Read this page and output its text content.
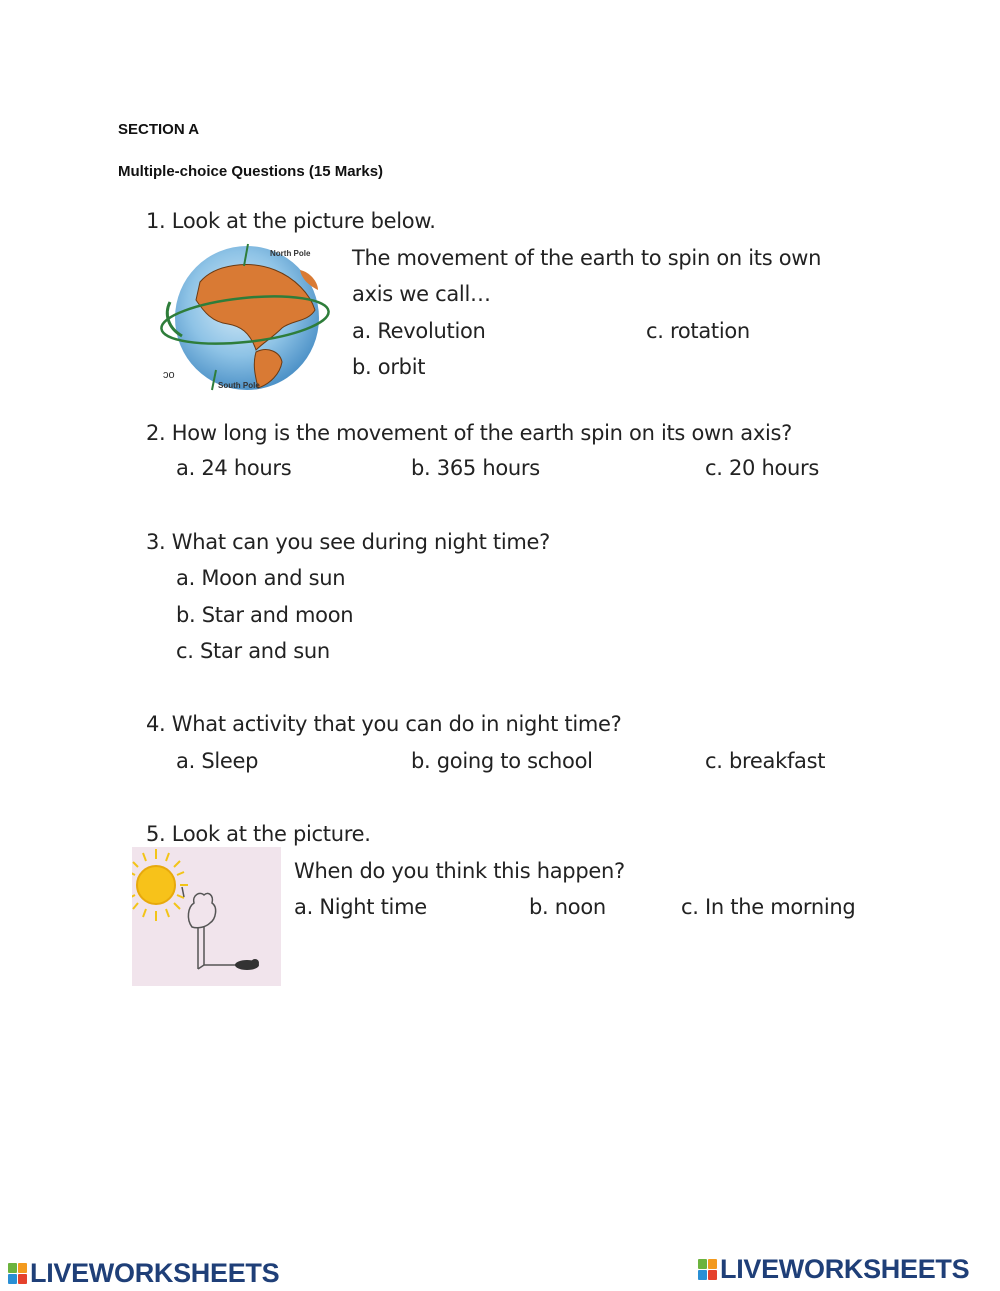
SECTION A
Multiple-choice Questions (15 Marks)
1. Look at the picture below.
North Pole
South Pole
ɔo
The movement of the earth to spin on its own
axis we call…
a. Revolution	c. rotation
b. orbit
2. How long is the movement of the earth spin on its own axis?
a. 24 hours	b. 365 hours	c. 20 hours
3. What can you see during night time?
a. Moon and sun
b. Star and moon
c. Star and sun
4. What activity that you can do in night time?
a. Sleep	b. going to school	c. breakfast
5. Look at the picture.
When do you think this happen?
a. Night time	b. noon	c. In the morning
LIVEWORKSHEETS	LIVEWORKSHEETS
